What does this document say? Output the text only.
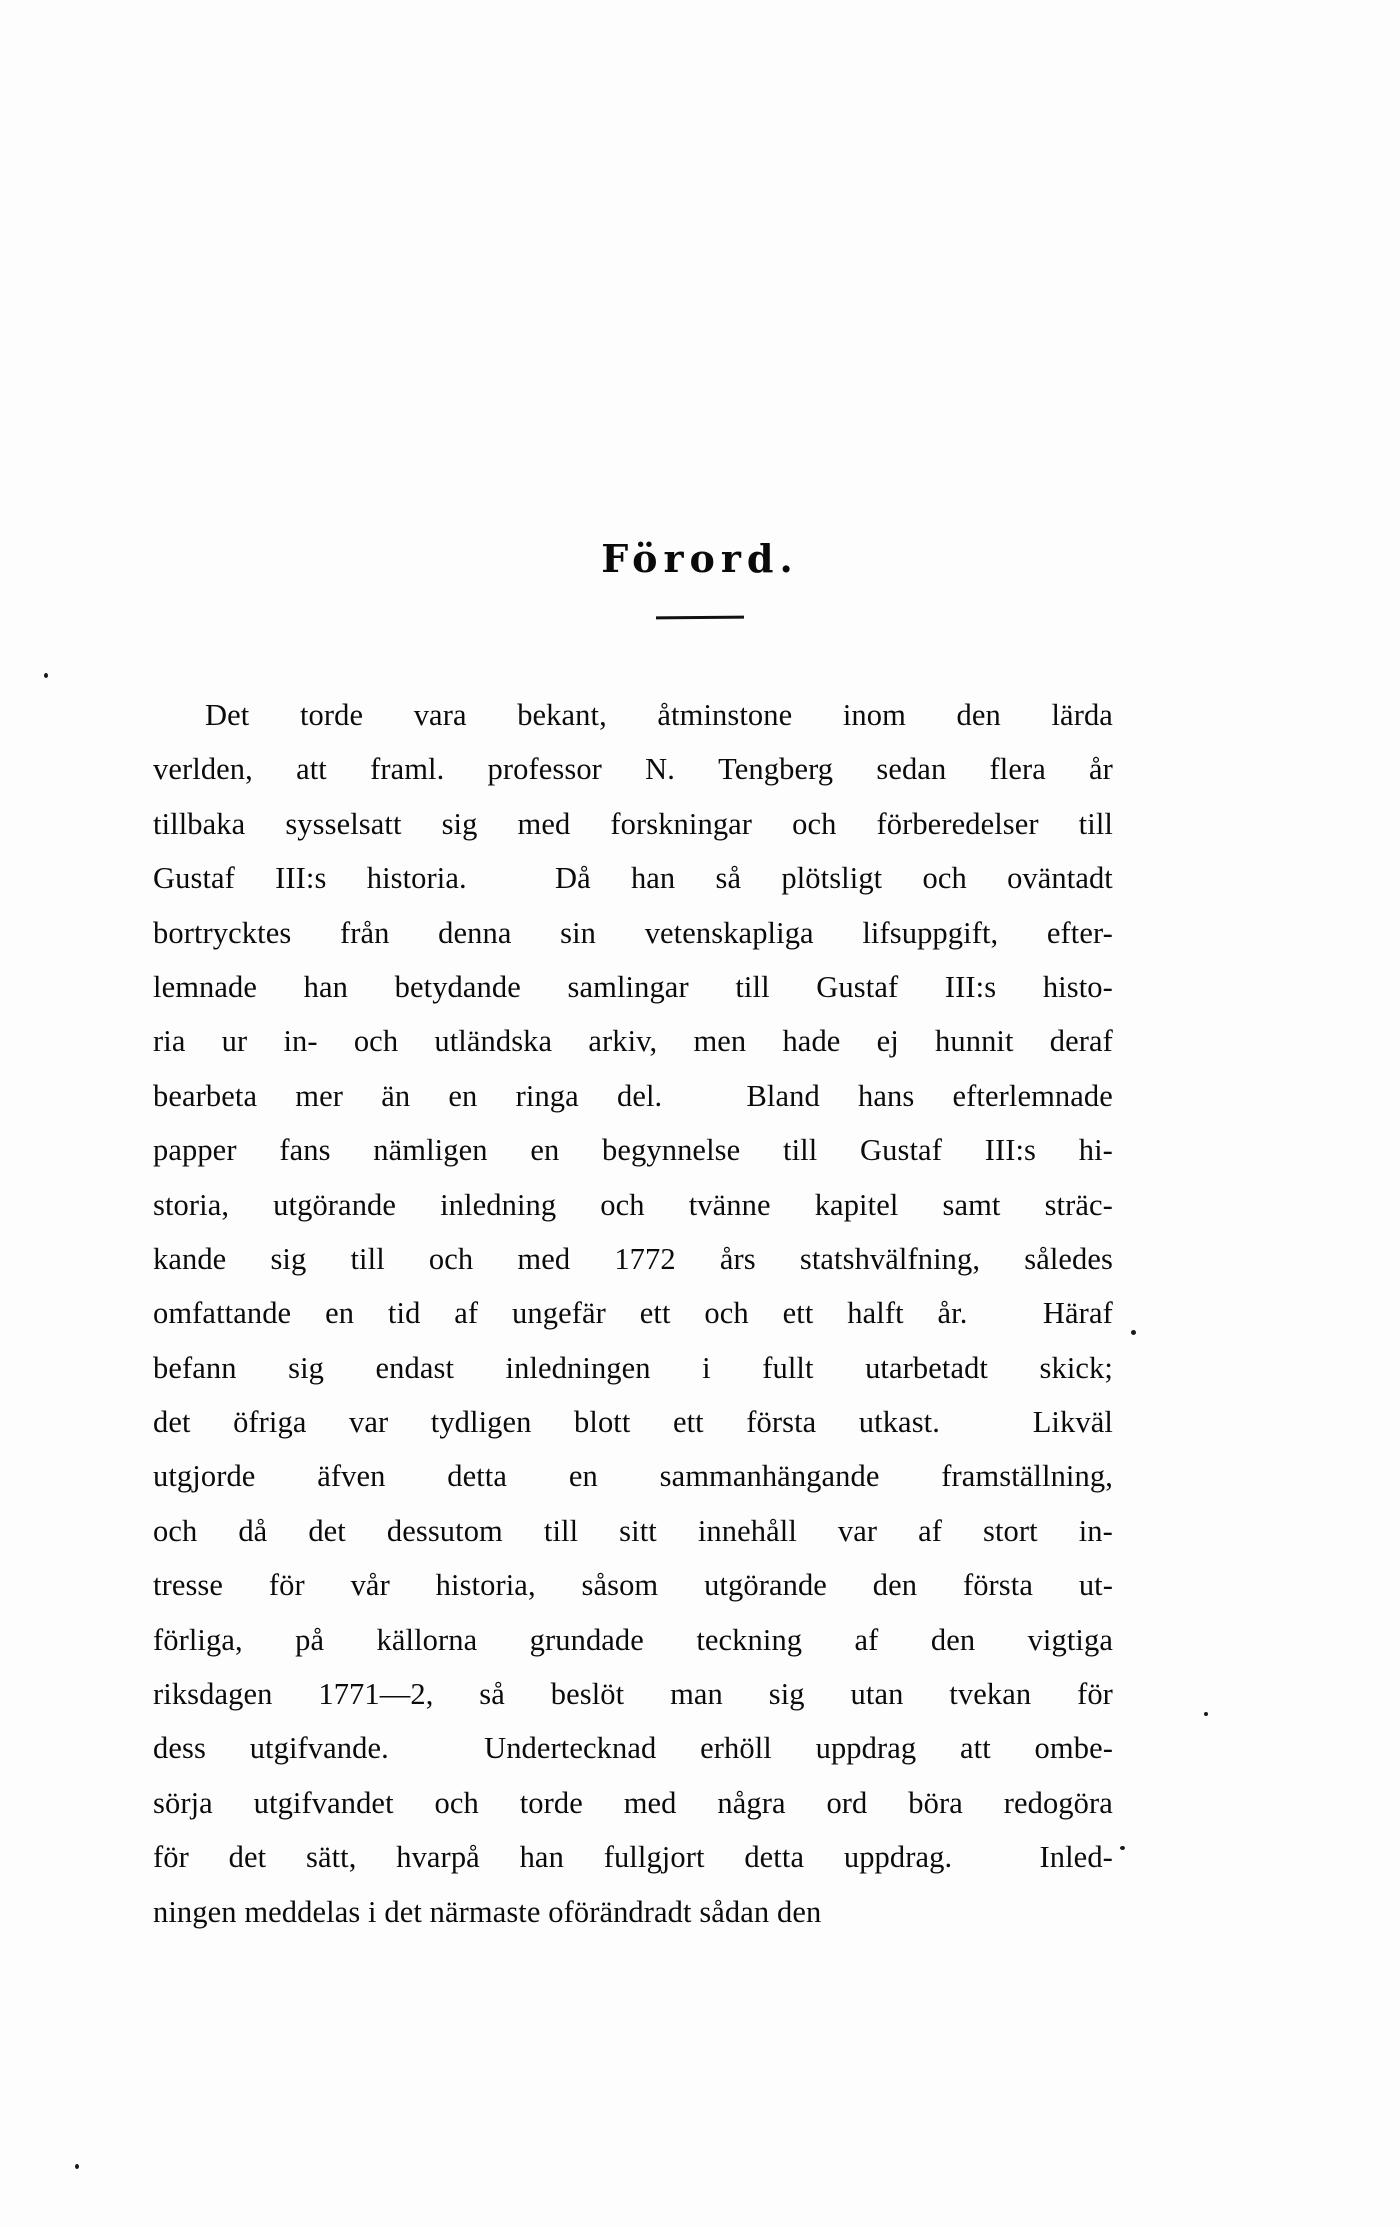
Förord.
Det torde vara bekant, åtminstone inom den lärda
verlden, att framl. professor N. Tengberg sedan flera år
tillbaka sysselsatt sig med forskningar och förberedelser till
Gustaf III:s historia.
	Då han så plötsligt och oväntadt
bortrycktes från denna sin vetenskapliga lifsuppgift, efter-
lemnade han betydande samlingar till Gustaf III:s histo-
ria ur in- och utländska arkiv, men hade ej hunnit deraf
bearbeta mer än en ringa del.
	Bland hans efterlemnade
papper fans nämligen en begynnelse till Gustaf III:s hi-
storia, utgörande inledning och tvänne kapitel samt sträc-
kande sig till och med 1772 års statshvälfning, således
omfattande en tid af ungefär ett och ett halft år.
Häraf
befann sig endast inledningen i fullt utarbetadt skick;
det öfriga var tydligen blott ett första utkast.
	Likväl
utgjorde äfven detta en sammanhängande framställning,
och då det dessutom till sitt innehåll var af stort in-
tresse för vår historia, såsom utgörande den första ut-
förliga, på källorna grundade teckning af den vigtiga
riksdagen 1771—2, så beslöt man sig utan tvekan för
dess utgifvande.
	Undertecknad erhöll uppdrag att ombe-
sörja utgifvandet och torde med några ord böra redogöra
för det sätt, hvarpå han fullgjort detta uppdrag.
	Inled-
ningen meddelas i det närmaste oförändradt sådan den
